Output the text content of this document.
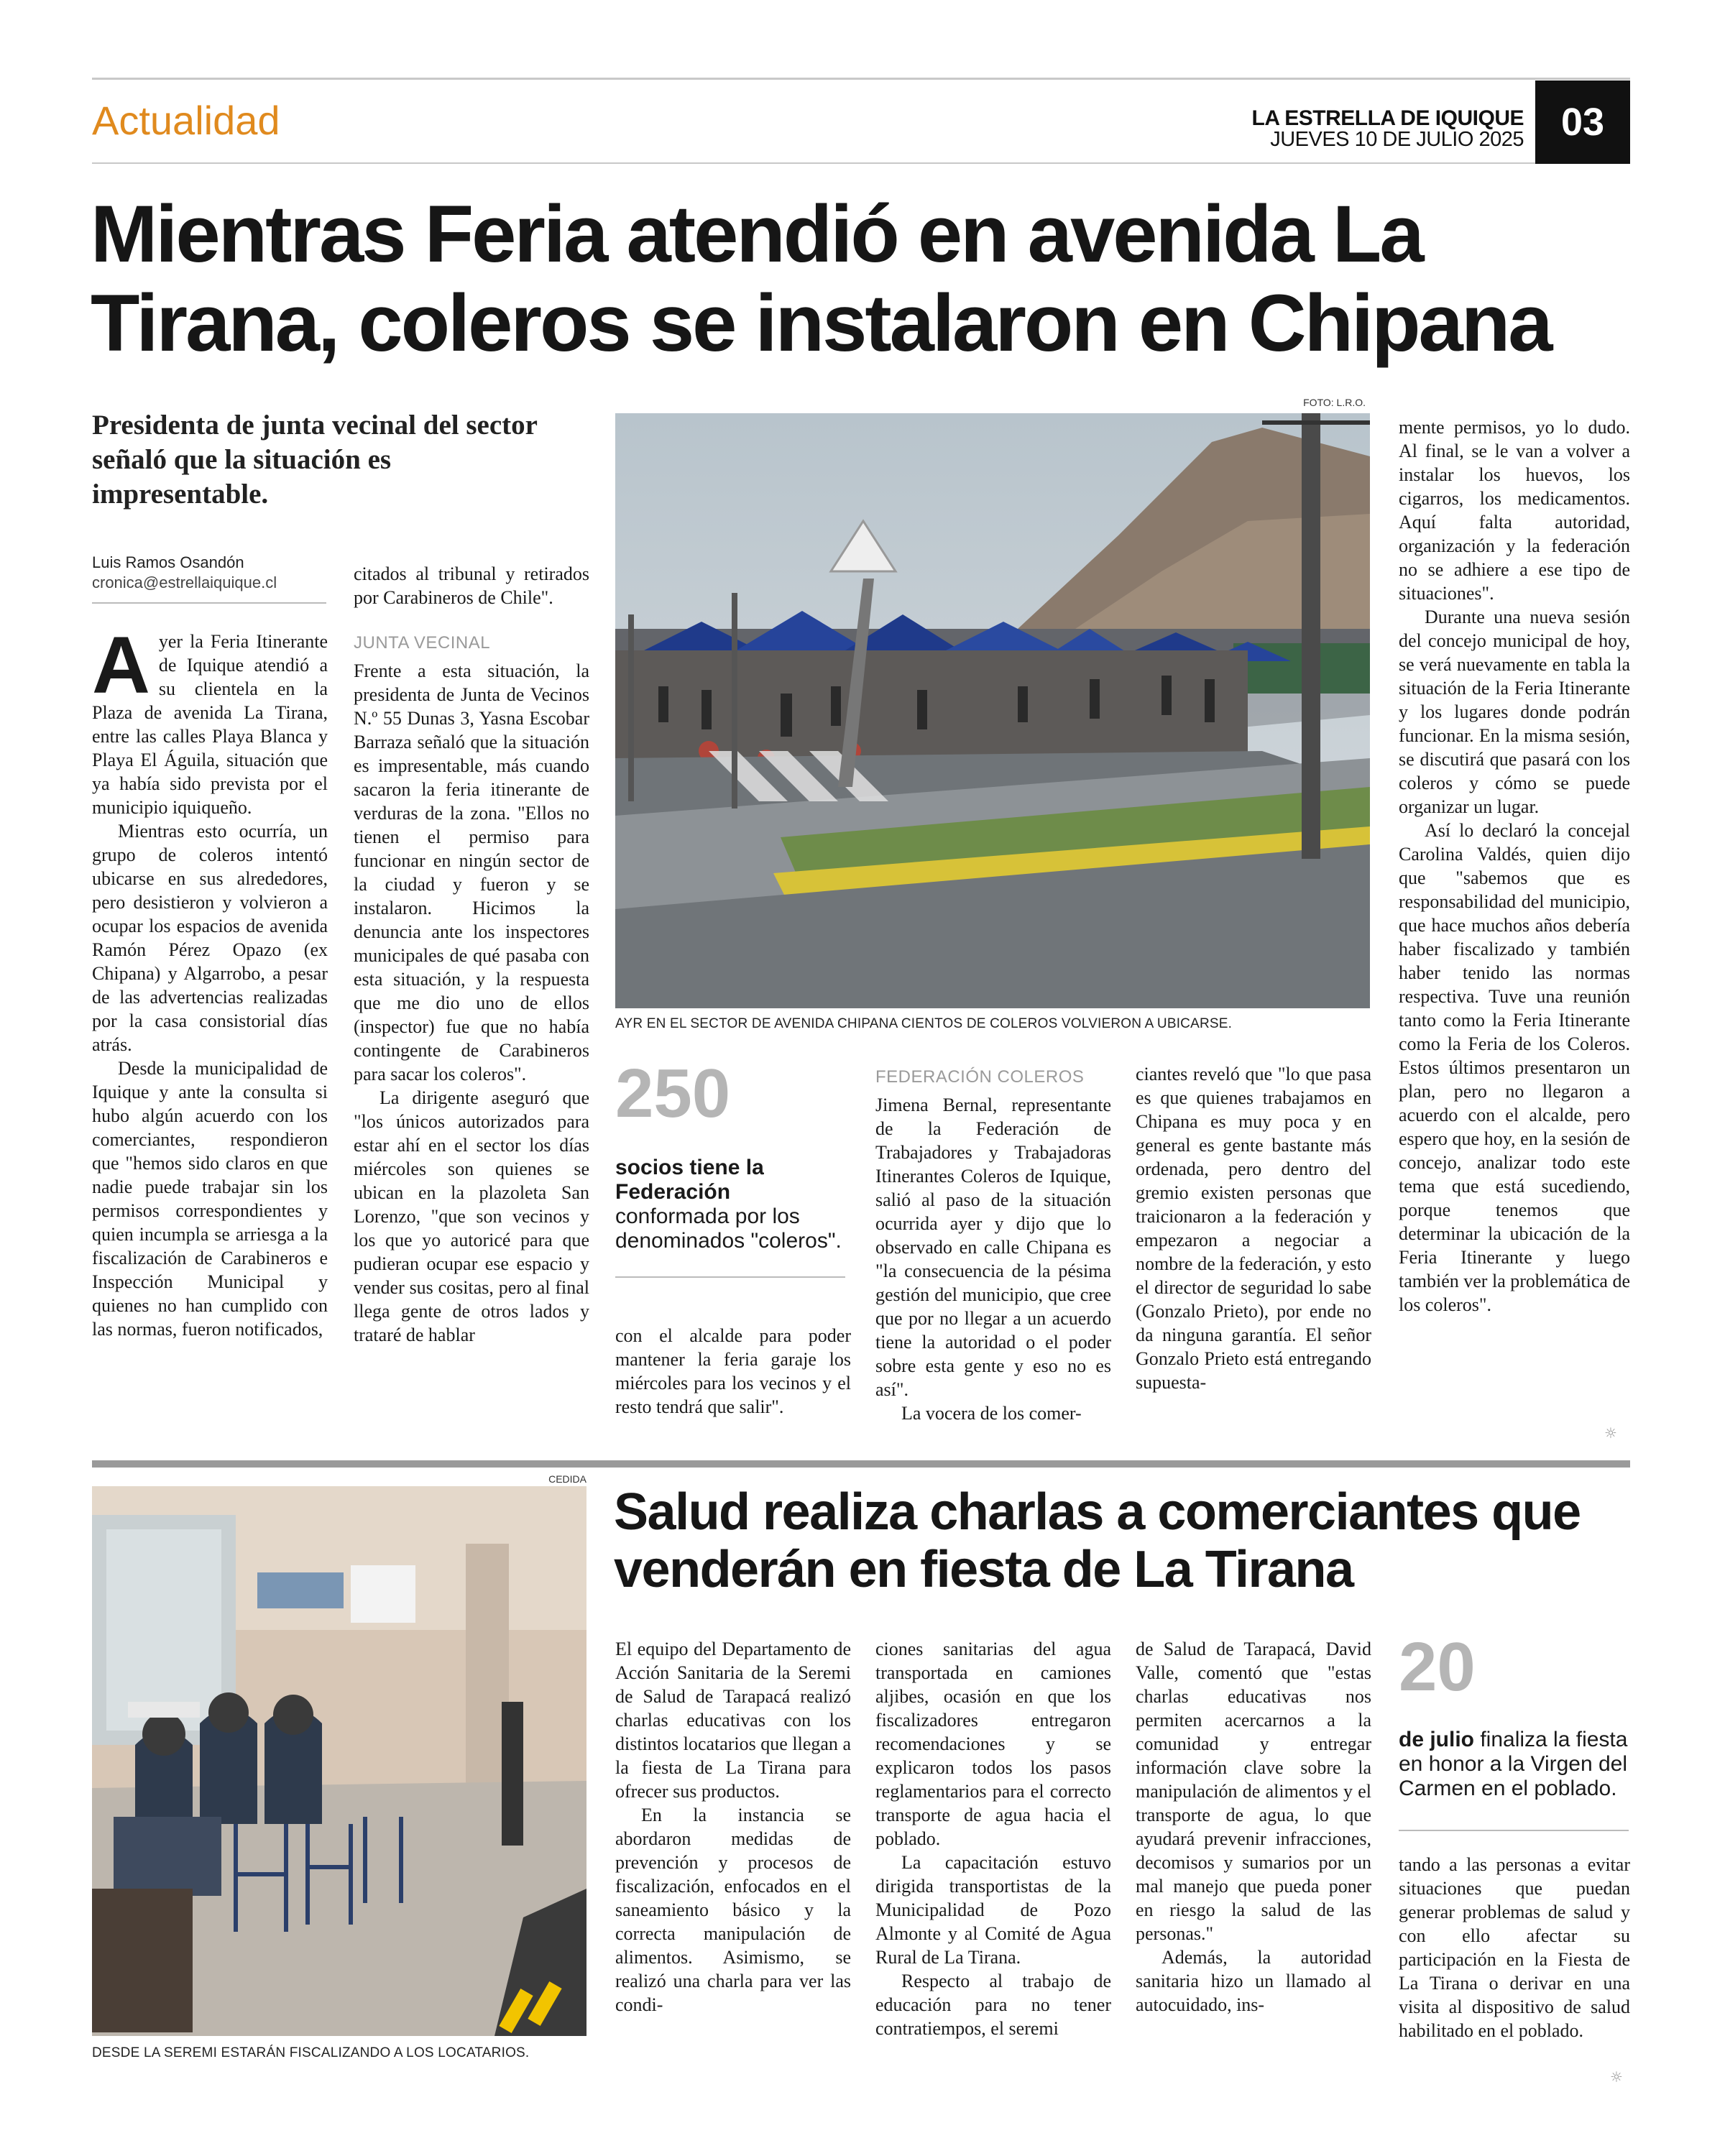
Actualidad	LA ESTRELLA DE IQUIQUE
JUEVES 10 DE JULIO 2025 03
Mientras Feria atendió en avenida La Tirana, coleros se instalaron en Chipana
Presidenta de junta vecinal del sector señaló que la situación es impresentable.
Luis Ramos Osandón
cronica@estrellaiquique.cl

Ayer la Feria Itinerante de Iquique atendió a su clientela en la Plaza de avenida La Tirana, entre las calles Playa Blanca y Playa El Águila, situación que ya había sido prevista por el municipio iquiqueño.

Mientras esto ocurría, un grupo de coleros intentó ubicarse en sus alrededores, pero desistieron y volvieron a ocupar los espacios de avenida Ramón Pérez Opazo (ex Chipana) y Algarrobo, a pesar de las advertencias realizadas por la casa consistorial días atrás.

Desde la municipalidad de Iquique y ante la consulta si hubo algún acuerdo con los comerciantes, respondieron que "hemos sido claros en que nadie puede trabajar sin los permisos correspondientes y quien incumpla se arriesga a la fiscalización de Carabineros e Inspección Municipal y quienes no han cumplido con las normas, fueron notificados,

citados al tribunal y retirados por Carabineros de Chile".

JUNTA VECINAL

Frente a esta situación, la presidenta de Junta de Vecinos N.º 55 Dunas 3, Yasna Escobar Barraza señaló que la situación es impresentable, más cuando sacaron la feria itinerante de verduras de la zona. "Ellos no tienen el permiso para funcionar en ningún sector de la ciudad y fueron y se instalaron. Hicimos la denuncia ante los inspectores municipales de qué pasaba con esta situación, y la respuesta que me dio uno de ellos (inspector) fue que no había contingente de Carabineros para sacar los coleros".

La dirigente aseguró que "los únicos autorizados para estar ahí en el sector los días miércoles son quienes se ubican en la plazoleta San Lorenzo, "que son vecinos y los que yo autoricé para que pudieran ocupar ese espacio y vender sus cositas, pero al final llega gente de otros lados y trataré de hablar

FOTO: L.R.O.
AYR EN EL SECTOR DE AVENIDA CHIPANA CIENTOS DE COLEROS VOLVIERON A UBICARSE.
250
socios tiene la Federación conformada por los denominados "coleros".

con el alcalde para poder mantener la feria garaje los miércoles para los vecinos y el resto tendrá que salir".

FEDERACIÓN COLEROS

Jimena Bernal, representante de la Federación de Trabajadores y Trabajadoras Itinerantes Coleros de Iquique, salió al paso de la situación ocurrida ayer y dijo que lo observado en calle Chipana es "la consecuencia de la pésima gestión del municipio, que cree que por no llegar a un acuerdo tiene la autoridad o el poder sobre esta gente y eso no es así".

La vocera de los comer-

ciantes reveló que "lo que pasa es que quienes trabajamos en Chipana es muy poca y en general es gente bastante más ordenada, pero dentro del gremio existen personas que traicionaron a la federación y empezaron a negociar a nombre de la federación, y esto el director de seguridad lo sabe (Gonzalo Prieto), por ende no da ninguna garantía. El señor Gonzalo Prieto está entregando supuesta-

mente permisos, yo lo dudo. Al final, se le van a volver a instalar los huevos, los cigarros, los medicamentos. Aquí falta autoridad, organización y la federación no se adhiere a ese tipo de situaciones".

Durante una nueva sesión del concejo municipal de hoy, se verá nuevamente en tabla la situación de la Feria Itinerante y los lugares donde podrán funcionar. En la misma sesión, se discutirá que pasará con los coleros y cómo se puede organizar un lugar.

Así lo declaró la concejal Carolina Valdés, quien dijo que "sabemos que es responsabilidad del municipio, que hace muchos años debería haber fiscalizado y también haber tenido las normas respectiva. Tuve una reunión tanto como la Feria Itinerante como la Feria de los Coleros. Estos últimos presentaron un plan, pero no llegaron a acuerdo con el alcalde, pero espero que hoy, en la sesión de concejo, analizar todo este tema que está sucediendo, porque tenemos que determinar la ubicación de la Feria Itinerante y luego también ver la problemática de los coleros".

☼
CEDIDA
DESDE LA SEREMI ESTARÁN FISCALIZANDO A LOS LOCATARIOS.
Salud realiza charlas a comerciantes que venderán en fiesta de La Tirana

El equipo del Departamento de Acción Sanitaria de la Seremi de Salud de Tarapacá realizó charlas educativas con los distintos locatarios que llegan a la fiesta de La Tirana para ofrecer sus productos.

En la instancia se abordaron medidas de prevención y procesos de fiscalización, enfocados en el saneamiento básico y la correcta manipulación de alimentos. Asimismo, se realizó una charla para ver las condi-

ciones sanitarias del agua transportada en camiones aljibes, ocasión en que los fiscalizadores entregaron recomendaciones y se explicaron todos los pasos reglamentarios para el correcto transporte de agua hacia el poblado.

La capacitación estuvo dirigida transportistas de la Municipalidad de Pozo Almonte y al Comité de Agua Rural de La Tirana.

Respecto al trabajo de educación para no tener contratiempos, el seremi

de Salud de Tarapacá, David Valle, comentó que "estas charlas educativas nos permiten acercarnos a la comunidad y entregar información clave sobre la manipulación de alimentos y el transporte de agua, lo que ayudará prevenir infracciones, decomisos y sumarios por un mal manejo que pueda poner en riesgo la salud de las personas."

Además, la autoridad sanitaria hizo un llamado al autocuidado, ins-

20
de julio finaliza la fiesta en honor a la Virgen del Carmen en el poblado.

tando a las personas a evitar situaciones que puedan generar problemas de salud y con ello afectar su participación en la Fiesta de La Tirana o derivar en una visita al dispositivo de salud habilitado en el poblado.

☼
